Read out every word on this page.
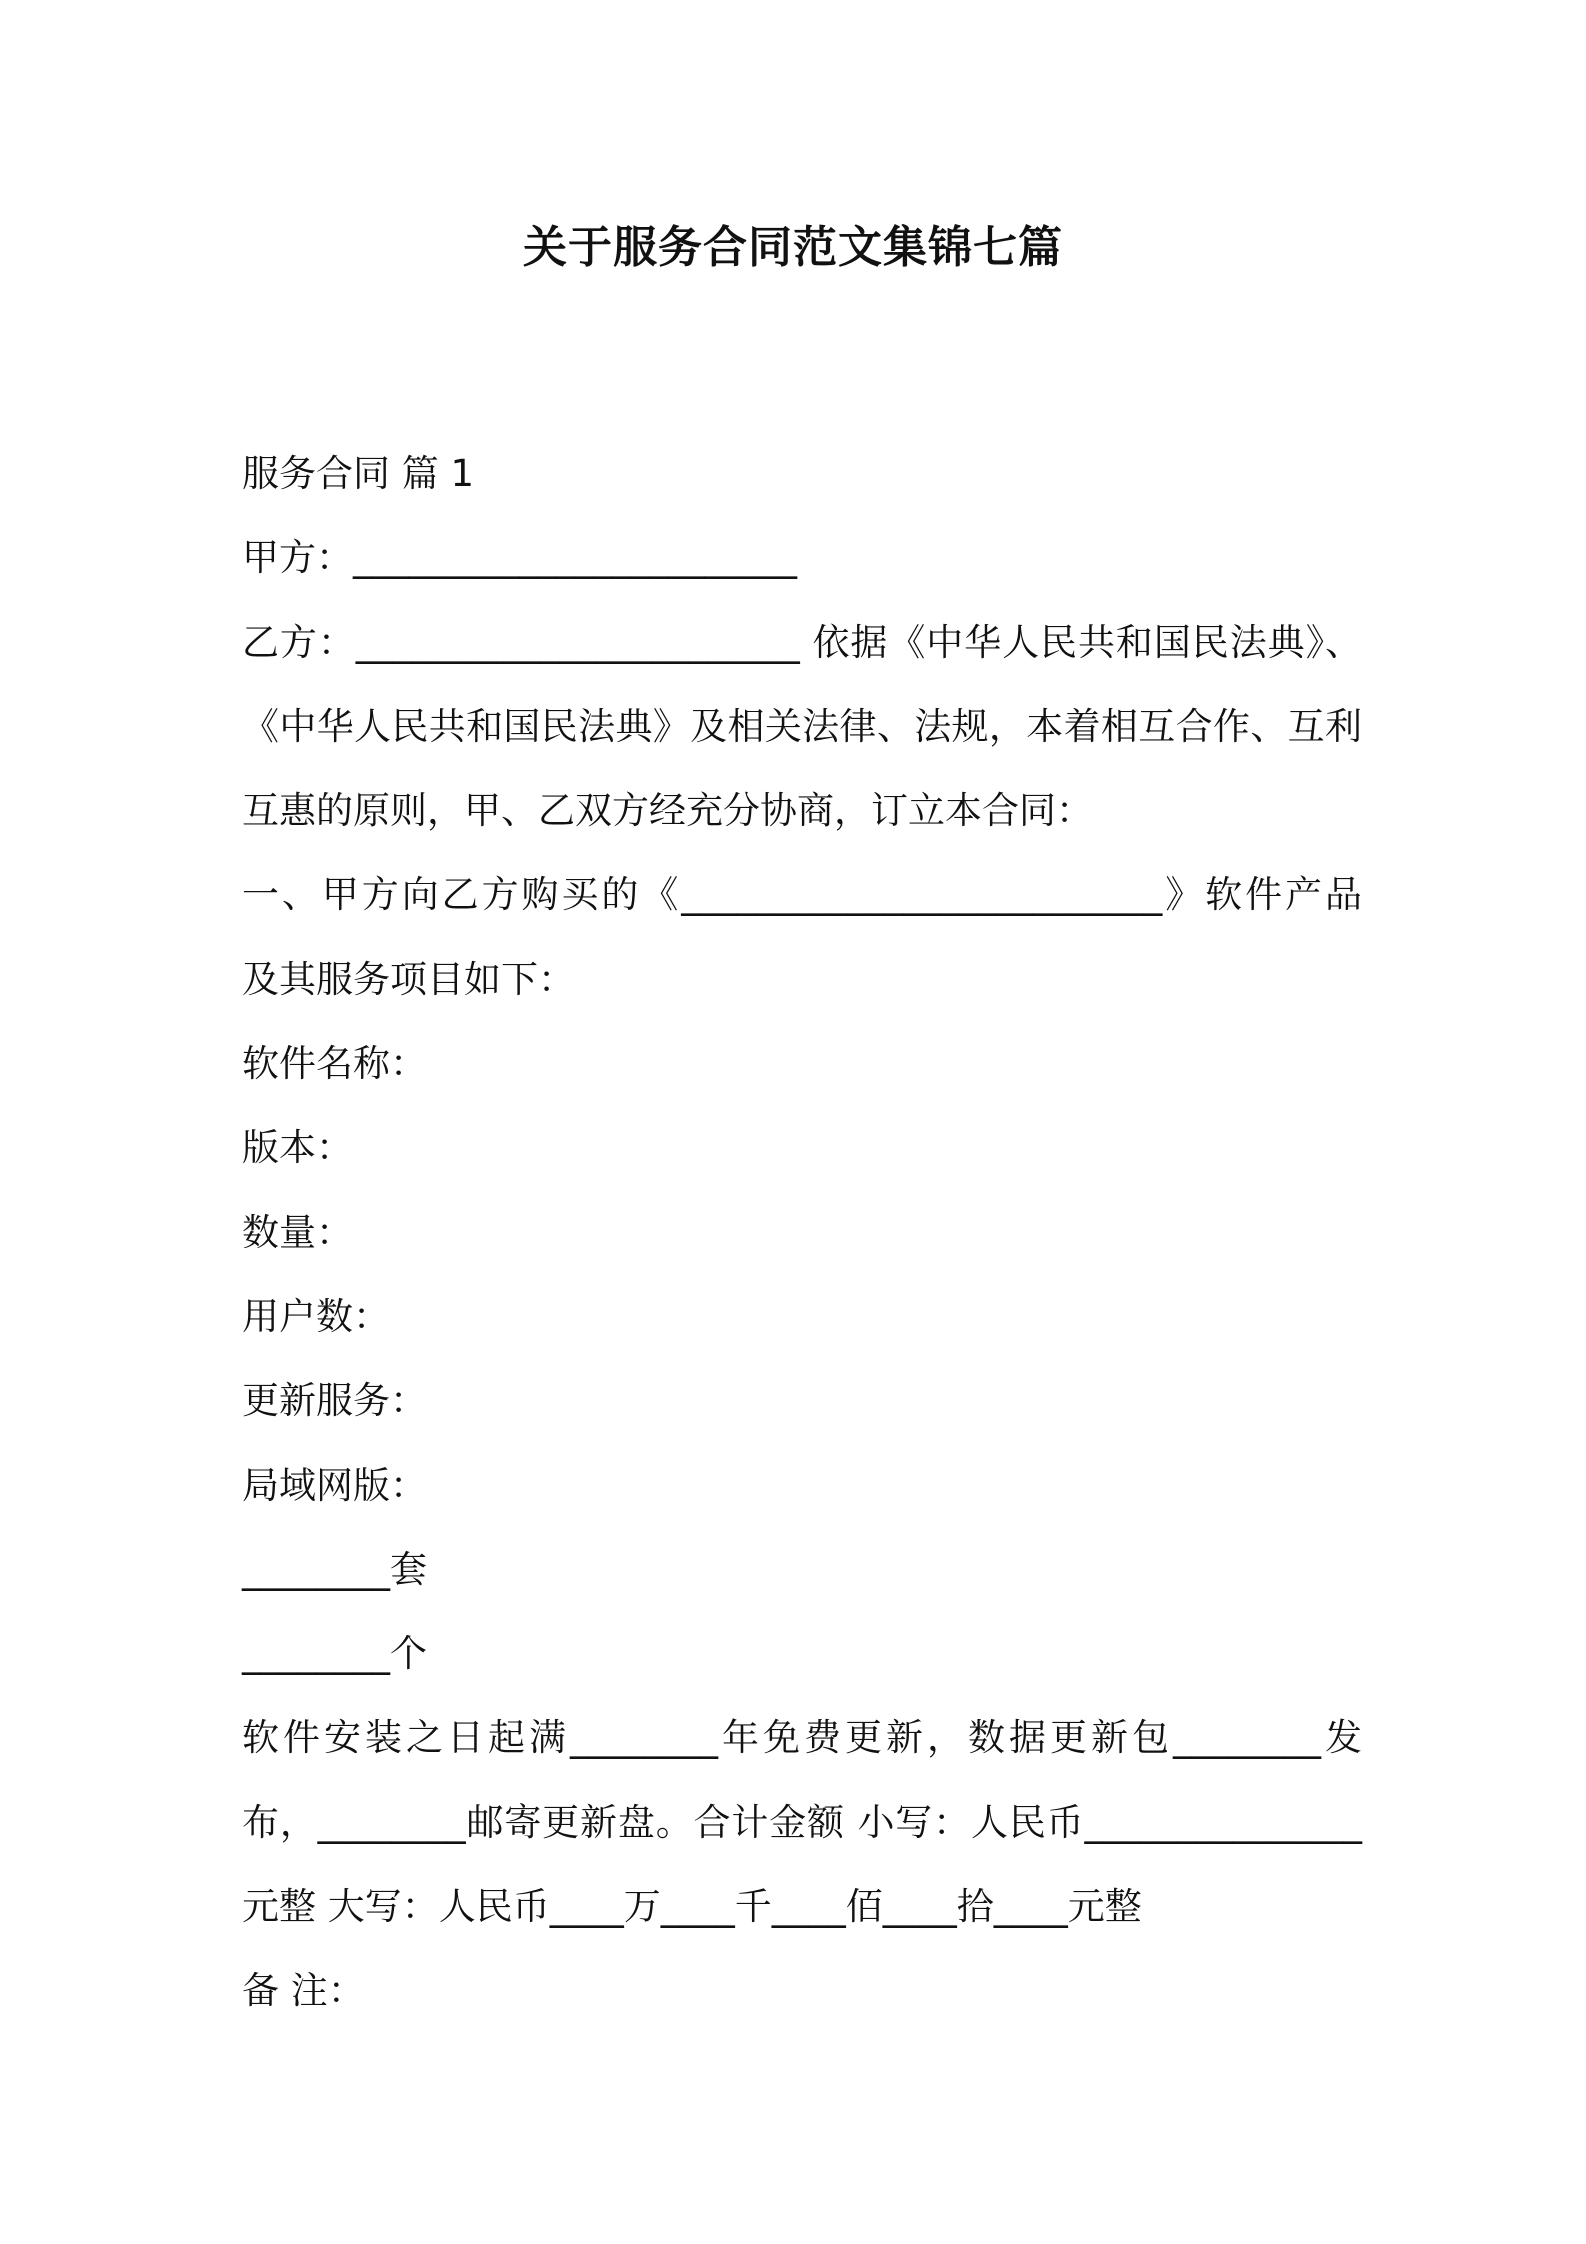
关于服务合同范文集锦七篇

服务合同 篇 1

甲方：________________________

乙方：________________________ 依据《中华人民共和国民法典》、

《中华人民共和国民法典》及相关法律、法规，本着相互合作、互利

互惠的原则，甲、乙双方经充分协商，订立本合同：

一、甲方向乙方购买的《__________________________》软件产品

及其服务项目如下：

软件名称：

版本：

数量：

用户数：

更新服务：

局域网版：

________套

________个

软件安装之日起满________年免费更新，数据更新包________发

布，________邮寄更新盘。合计金额 小写：人民币_______________

元整 大写：人民币____万____千____佰____拾____元整

备 注：
